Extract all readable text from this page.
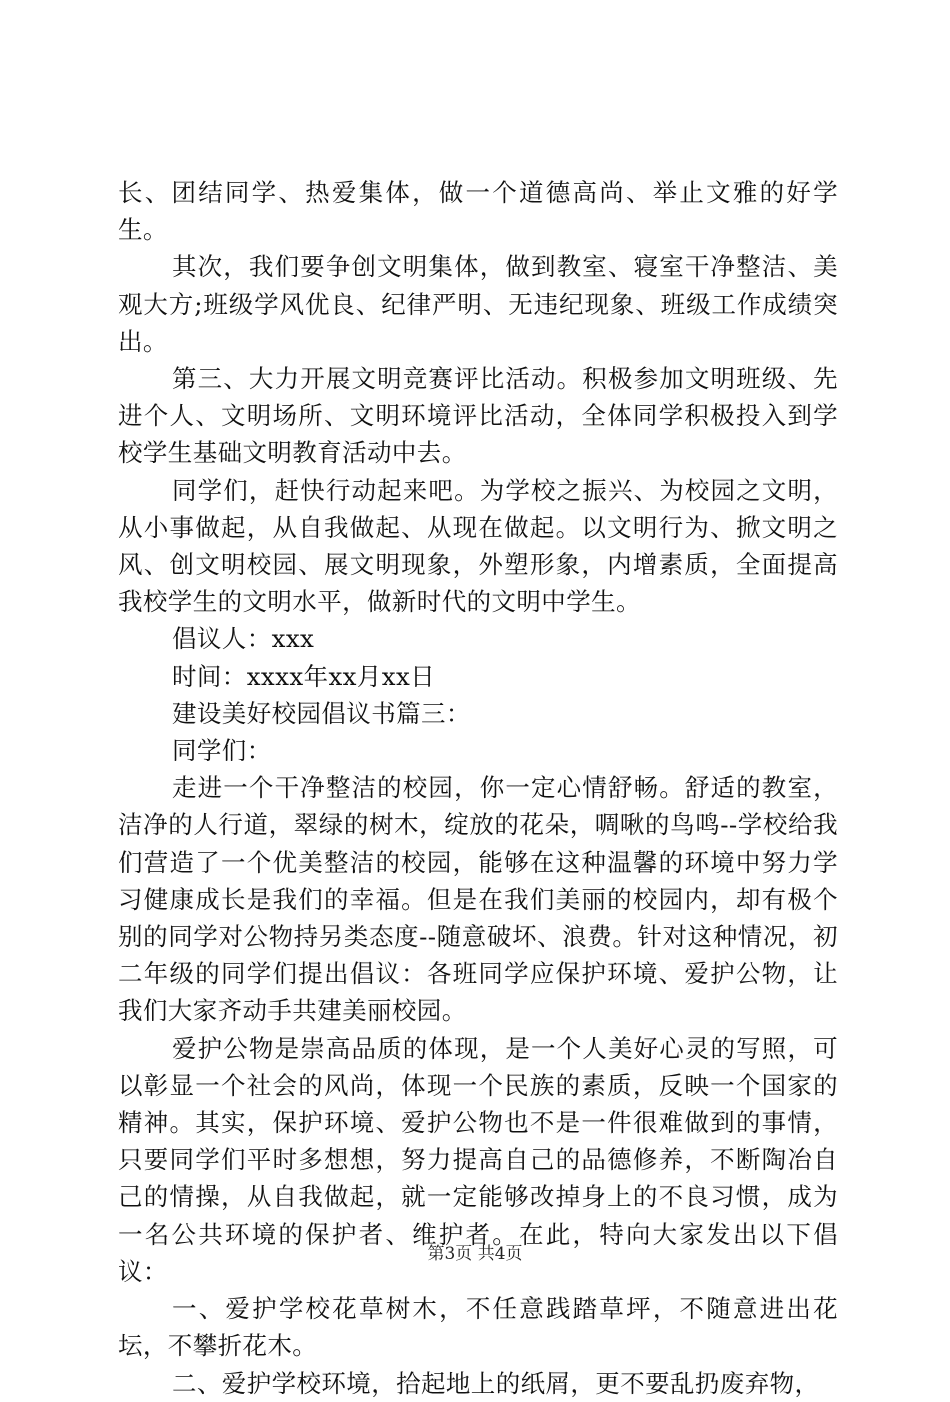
长、团结同学、热爱集体，做一个道德高尚、举止文雅的好学生。

其次，我们要争创文明集体，做到教室、寝室干净整洁、美观大方;班级学风优良、纪律严明、无违纪现象、班级工作成绩突出。

第三、大力开展文明竞赛评比活动。积极参加文明班级、先进个人、文明场所、文明环境评比活动，全体同学积极投入到学校学生基础文明教育活动中去。

同学们，赶快行动起来吧。为学校之振兴、为校园之文明，从小事做起，从自我做起、从现在做起。以文明行为、掀文明之风、创文明校园、展文明现象，外塑形象，内增素质，全面提高我校学生的文明水平，做新时代的文明中学生。

倡议人：xxx

时间：xxxx年xx月xx日

建设美好校园倡议书篇三：

同学们：

走进一个干净整洁的校园，你一定心情舒畅。舒适的教室，洁净的人行道，翠绿的树木，绽放的花朵，啁啾的鸟鸣--学校给我们营造了一个优美整洁的校园，能够在这种温馨的环境中努力学习健康成长是我们的幸福。但是在我们美丽的校园内，却有极个别的同学对公物持另类态度--随意破坏、浪费。针对这种情况，初二年级的同学们提出倡议：各班同学应保护环境、爱护公物，让我们大家齐动手共建美丽校园。

爱护公物是崇高品质的体现，是一个人美好心灵的写照，可以彰显一个社会的风尚，体现一个民族的素质，反映一个国家的精神。其实，保护环境、爱护公物也不是一件很难做到的事情，只要同学们平时多想想，努力提高自己的品德修养，不断陶冶自己的情操，从自我做起，就一定能够改掉身上的不良习惯，成为一名公共环境的保护者、维护者。在此，特向大家发出以下倡议：

一、爱护学校花草树木，不任意践踏草坪，不随意进出花坛，不攀折花木。

二、爱护学校环境，拾起地上的纸屑，更不要乱扔废弃物，

第3页 共4页
